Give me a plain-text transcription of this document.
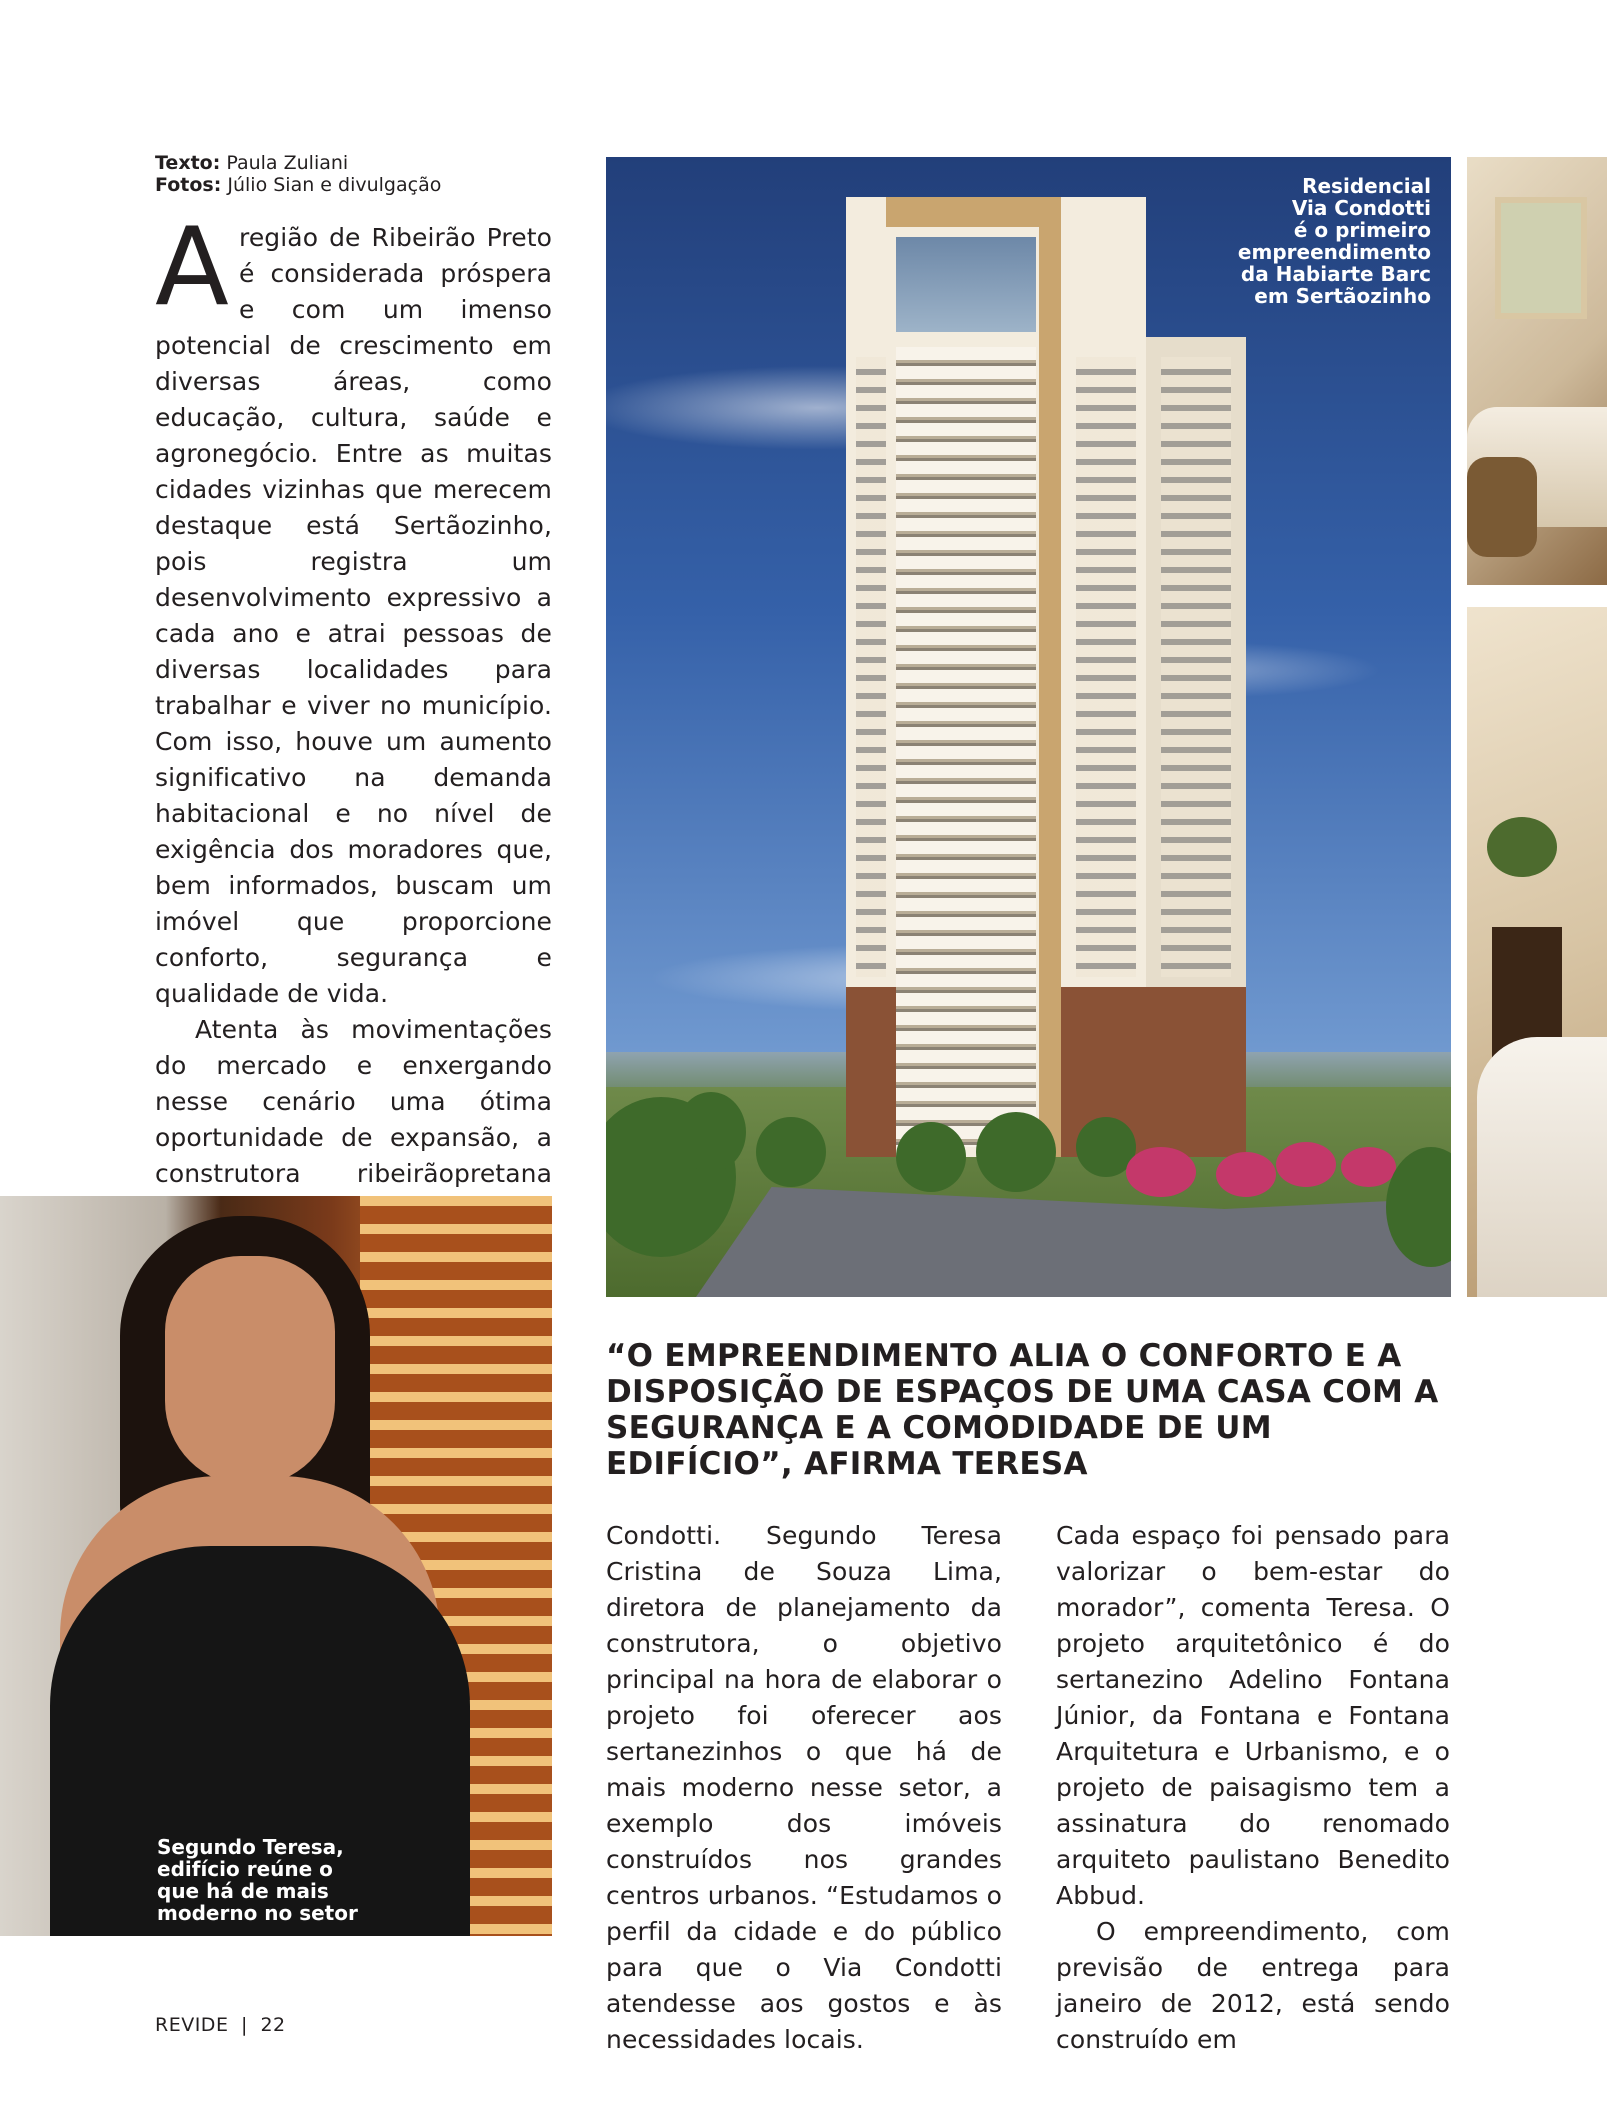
Texto: Paula Zuliani
Fotos: Júlio Sian e divulgação

Aregião de Ribeirão Preto é considerada próspera e com um imenso potencial de crescimento em diversas áreas, como educação, cultura, saúde e agronegócio. Entre as muitas cidades vizinhas que merecem destaque está Sertãozinho, pois registra um desenvolvimento expressivo a cada ano e atrai pessoas de diversas localidades para trabalhar e viver no município. Com isso, houve um aumento significativo na demanda habitacional e no nível de exigência dos moradores que, bem informados, buscam um imóvel que proporcione conforto, segurança e qualidade de vida.

Atenta às movimentações do mercado e enxergando nesse cenário uma ótima oportunidade de expansão, a construtora ribeirãopretana

Residencial
Via Condotti
é o primeiro
empreendimento
da Habiarte Barc
em Sertãozinho
Segundo Teresa,
edifício reúne o
que há de mais
moderno no setor
“O EMPREENDIMENTO ALIA O CONFORTO E A DISPOSIÇÃO DE ESPAÇOS DE UMA CASA COM A SEGURANÇA E A COMODIDADE DE UM EDIFÍCIO”, AFIRMA TERESA

Condotti. Segundo Teresa Cristina de Souza Lima, diretora de planejamento da construtora, o objetivo principal na hora de elaborar o projeto foi oferecer aos sertanezinhos o que há de mais moderno nesse setor, a exemplo dos imóveis construídos nos grandes centros urbanos. “Estudamos o perfil da cidade e do público para que o Via Condotti atendesse aos gostos e às necessidades locais.

Cada espaço foi pensado para valorizar o bem-estar do morador”, comenta Teresa. O projeto arquitetônico é do sertanezino Adelino Fontana Júnior, da Fontana e Fontana Arquitetura e Urbanismo, e o projeto de paisagismo tem a assinatura do renomado arquiteto paulistano Benedito Abbud.

O empreendimento, com previsão de entrega para janeiro de 2012, está sendo construído em

REVIDE | 22
